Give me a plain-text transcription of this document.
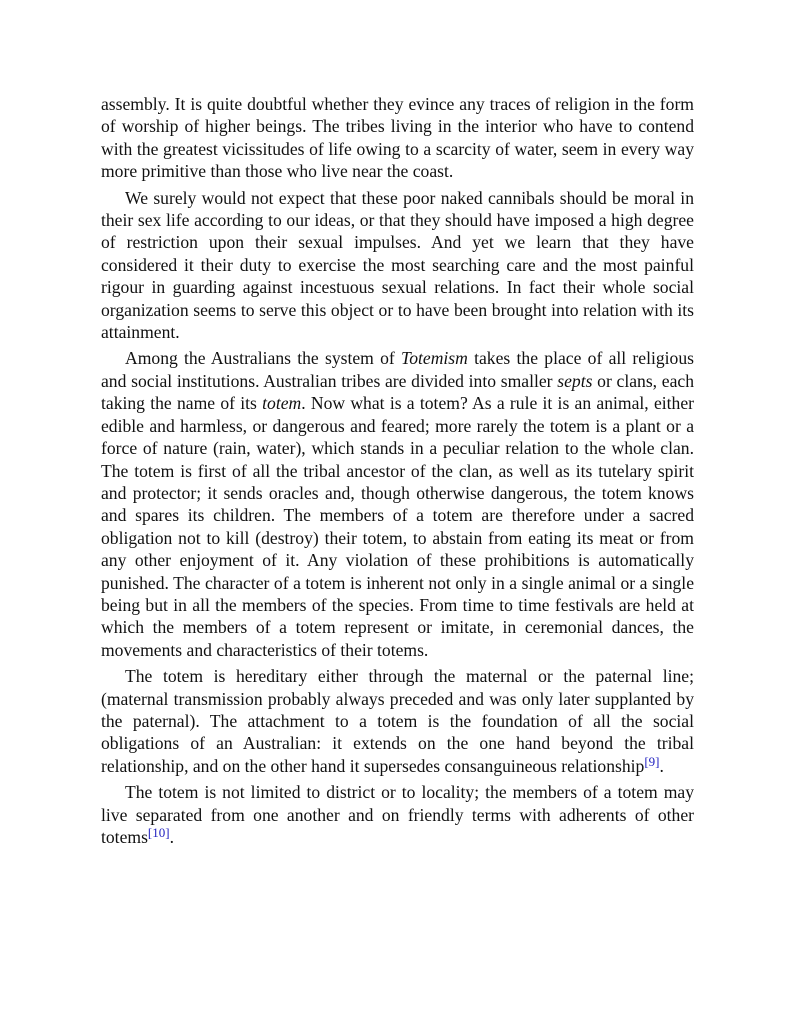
assembly. It is quite doubtful whether they evince any traces of religion in the form of worship of higher beings. The tribes living in the interior who have to contend with the greatest vicissitudes of life owing to a scarcity of water, seem in every way more primitive than those who live near the coast.

We surely would not expect that these poor naked cannibals should be moral in their sex life according to our ideas, or that they should have imposed a high degree of restriction upon their sexual impulses. And yet we learn that they have considered it their duty to exercise the most searching care and the most painful rigour in guarding against incestuous sexual relations. In fact their whole social organization seems to serve this object or to have been brought into relation with its attainment.

Among the Australians the system of Totemism takes the place of all religious and social institutions. Australian tribes are divided into smaller septs or clans, each taking the name of its totem. Now what is a totem? As a rule it is an animal, either edible and harmless, or dangerous and feared; more rarely the totem is a plant or a force of nature (rain, water), which stands in a peculiar relation to the whole clan. The totem is first of all the tribal ancestor of the clan, as well as its tutelary spirit and protector; it sends oracles and, though otherwise dangerous, the totem knows and spares its children. The members of a totem are therefore under a sacred obligation not to kill (destroy) their totem, to abstain from eating its meat or from any other enjoyment of it. Any violation of these prohibitions is automatically punished. The character of a totem is inherent not only in a single animal or a single being but in all the members of the species. From time to time festivals are held at which the members of a totem represent or imitate, in ceremonial dances, the movements and characteristics of their totems.

The totem is hereditary either through the maternal or the paternal line; (maternal transmission probably always preceded and was only later supplanted by the paternal). The attachment to a totem is the foundation of all the social obligations of an Australian: it extends on the one hand beyond the tribal relationship, and on the other hand it supersedes consanguineous relationship[9].

The totem is not limited to district or to locality; the members of a totem may live separated from one another and on friendly terms with adherents of other totems[10].
